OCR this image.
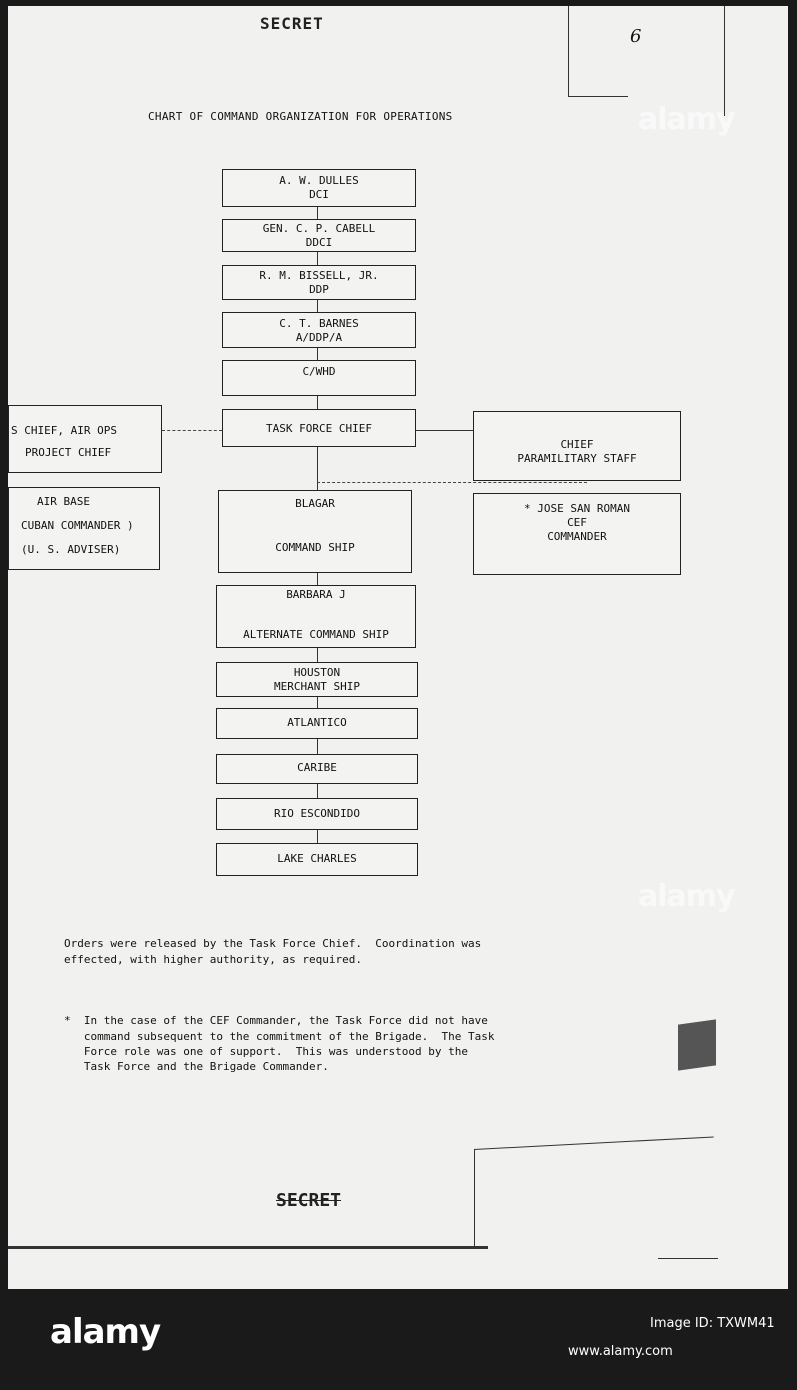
SECRET
6
CHART OF COMMAND ORGANIZATION FOR OPERATIONS
A. W. DULLES
DCI
GEN. C. P. CABELL
DDCI
R. M. BISSELL, JR.
DDP
C. T. BARNES
A/DDP/A
C/WHD
TASK FORCE CHIEF
S CHIEF, AIR OPS
PROJECT CHIEF
AIR BASE
CUBAN COMMANDER )
(U. S. ADVISER)
CHIEF
PARAMILITARY STAFF
* JOSE SAN ROMAN
CEF
COMMANDER
BLAGAR
COMMAND SHIP
BARBARA J
ALTERNATE COMMAND SHIP
HOUSTON
MERCHANT SHIP
ATLANTICO
CARIBE
RIO ESCONDIDO
LAKE CHARLES
Orders were released by the Task Force Chief.  Coordination was
effected, with higher authority, as required.
*  In the case of the CEF Commander, the Task Force did not have
command subsequent to the commitment of the Brigade.  The Task
Force role was one of support.  This was understood by the
Task Force and the Brigade Commander.
SECRET
alamy
alamy
alamy	Image ID: TXWM41
www.alamy.com
